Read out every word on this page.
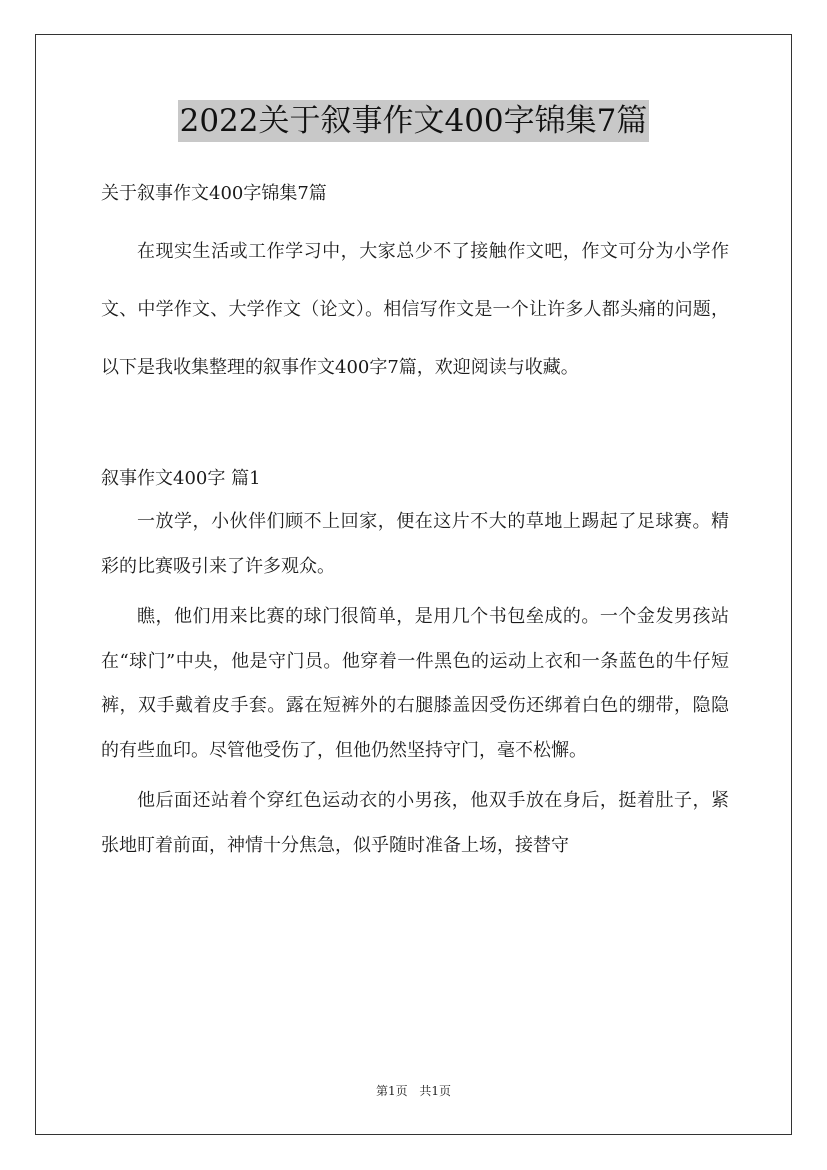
2022关于叙事作文400字锦集7篇

关于叙事作文400字锦集7篇

在现实生活或工作学习中，大家总少不了接触作文吧，作文可分为小学作文、中学作文、大学作文（论文）。相信写作文是一个让许多人都头痛的问题，以下是我收集整理的叙事作文400字7篇，欢迎阅读与收藏。

叙事作文400字 篇1

一放学，小伙伴们顾不上回家，便在这片不大的草地上踢起了足球赛。精彩的比赛吸引来了许多观众。

瞧，他们用来比赛的球门很简单，是用几个书包垒成的。一个金发男孩站在“球门”中央，他是守门员。他穿着一件黑色的运动上衣和一条蓝色的牛仔短裤，双手戴着皮手套。露在短裤外的右腿膝盖因受伤还绑着白色的绷带，隐隐的有些血印。尽管他受伤了，但他仍然坚持守门，毫不松懈。

他后面还站着个穿红色运动衣的小男孩，他双手放在身后，挺着肚子，紧张地盯着前面，神情十分焦急，似乎随时准备上场，接替守

第1页 共1页
